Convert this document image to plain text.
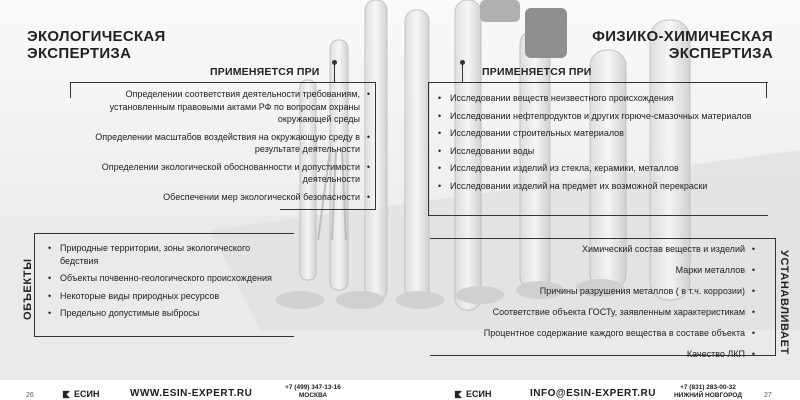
ЭКОЛОГИЧЕСКАЯ
ЭКСПЕРТИЗА
ФИЗИКО-ХИМИЧЕСКАЯ
ЭКСПЕРТИЗА
ПРИМЕНЯЕТСЯ ПРИ	ПРИМЕНЯЕТСЯ ПРИ
Определении соответствия деятельности требованиям, установленным правовыми актами РФ по вопросам охраны окружающей среды •
Определении масштабов воздействия на окружающую среду в результате деятельности •
Определении экологической обоснованности и допустимости деятельности •
Обеспечении мер экологической безопасности •
• Исследовании веществ неизвестного происхождения
• Исследовании нефтепродуктов и других горюче-смазочных материалов
• Исследовании строительных материалов
• Исследовании воды
• Исследовании изделий из стекла, керамики, металлов
• Исследовании изделий на предмет их возможной перекраски
• Природные территории, зоны экологического бедствия
• Объекты почвенно-геологического происхождения
• Некоторые виды природных ресурсов
• Предельно допустимые выбросы
Химический состав веществ и изделий •
Марки металлов •
Причины разрушения металлов ( в т.ч. коррозии) •
Соответствие объекта ГОСТу, заявленным характеристикам •
Процентное содержание каждого вещества в составе объекта •
Качество ЛКП •
ОБЪЕКТЫ	УСТАНАВЛИВАЕТ
26	ЕСИН	WWW.ESIN-EXPERT.RU
+7 (499) 347-13-16
МОСКВА	ЕСИН	INFO@ESIN-EXPERT.RU
+7 (831) 283-00-32
НИЖНИЙ НОВГОРОД	27
